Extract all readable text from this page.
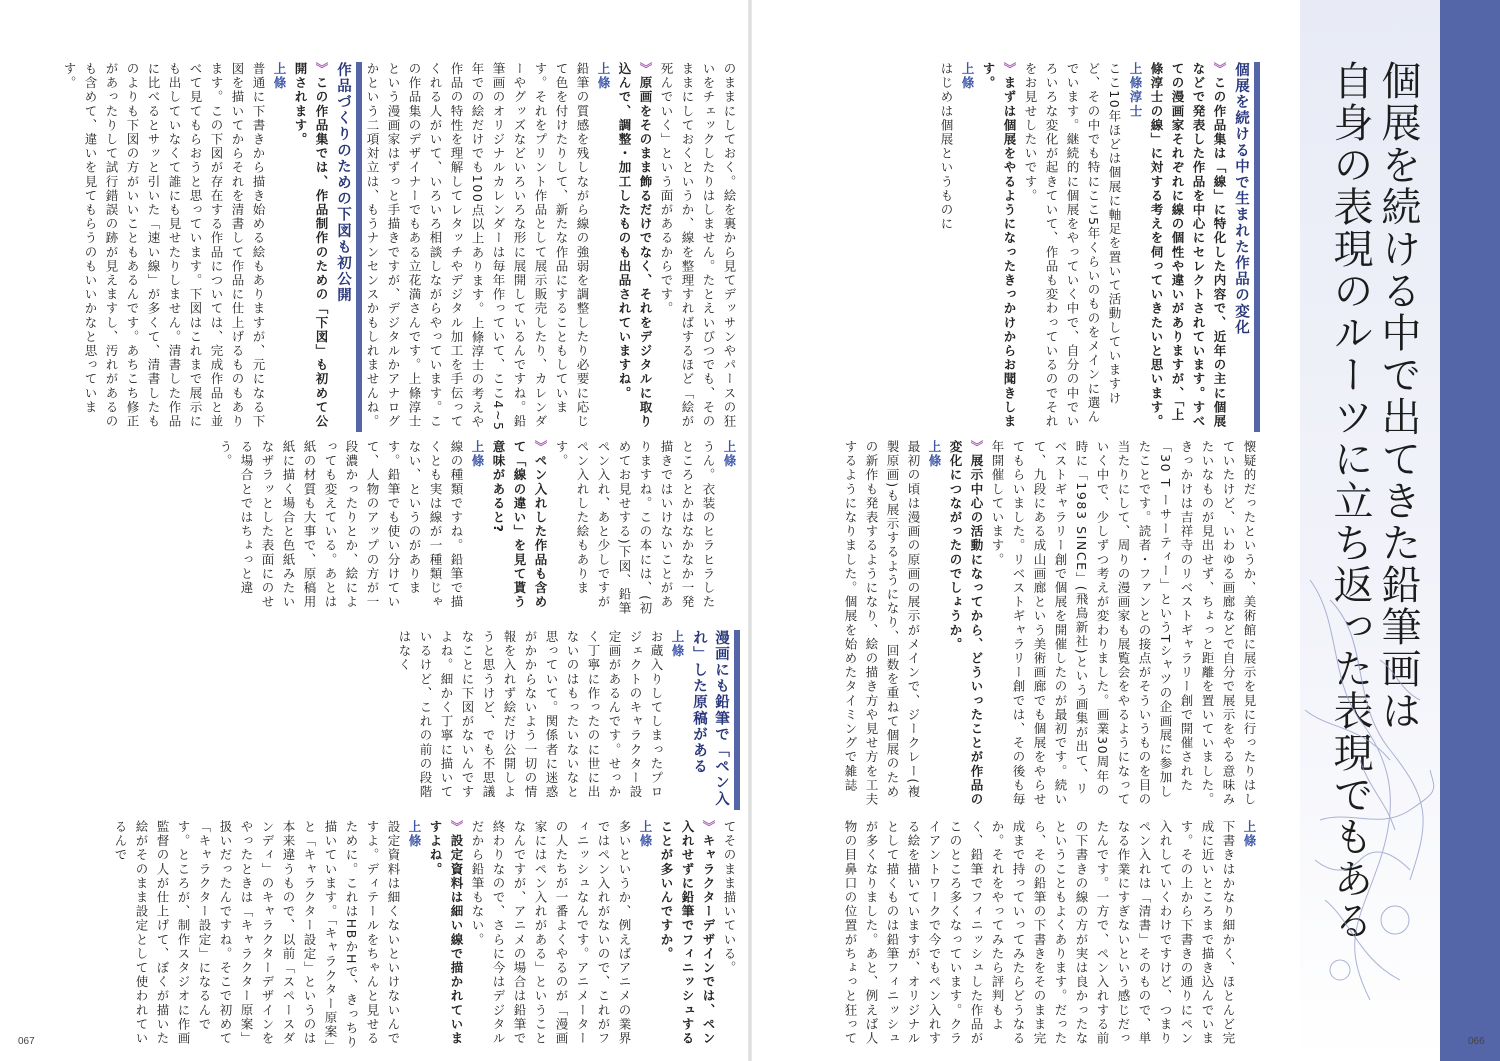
個展を続ける中で出てきた鉛筆画は
自身の表現のルーツに立ち返った表現でもある

個展を続ける中で生まれた作品の変化

》 この作品集は「線」に特化した内容で、近年の主に個展などで発表した作品を中心にセレクトされています。すべての漫画家それぞれに線の個性や違いがありますが、「上條淳士の線」に対する考えを伺っていきたいと思います。

上條淳士

ここ10年ほどは個展に軸足を置いて活動していますけど、その中でも特にここ5年くらいのものをメインに選んでいます。継続的に個展をやっていく中で、自分の中でいろいろな変化が起きていて、作品も変わっているのでそれをお見せしたいです。

》 まずは個展をやるようになったきっかけからお聞きします。

上條

はじめは個展というものに

懐疑的だったというか、美術館に展示を見に行ったりはしていたけど、いわゆる画廊などで自分で展示をやる意味みたいなものが見出せず、ちょっと距離を置いていました。きっかけは吉祥寺のリベストギャラリー創で開催された「30 T ーサーティー」というTシャツの企画展に参加したことです。読者・ファンとの接点がそういうものを目の当たりにして、周りの漫画家も展覧会をやるようになっていく中で、少しずつ考えが変わりました。画業30周年の時に「1983 SINCE」(飛鳥新社)という画集が出て、リベストギャラリー創で個展を開催したのが最初です。続いて、九段にある成山画廊という美術画廊でも個展をやらせてもらいました。リベストギャラリー創では、その後も毎年開催しています。

》 展示中心の活動になってから、どういったことが作品の変化につながったのでしょうか。

上條

最初の頃は漫画の原画の展示がメインで、ジークレー(複製原画)も展示するようになり、回数を重ねて個展のための新作も発表するようになり、絵の描き方や見せ方を工夫するようになりました。個展を始めたタイミングで雑誌

上條

下書きはかなり細かく、ほとんど完成に近いところまで描き込んでいます。その上から下書きの通りにペン入れしていくわけですけど、つまりペン入れは「清書」そのもので、単なる作業にすぎないという感じだったんです。一方で、ペン入れする前の下書きの線の方が実は良かったなということもよくあります。だったら、その鉛筆の下書きをそのまま完成まで持っていってみたらどうなるか。それをやってみたら評判もよく、鉛筆でフィニッシュした作品がこのところ多くなっています。クライアントワークで今でもペン入れする絵を描いていますが、オリジナルとして描くものは鉛筆フィニッシュが多くなりました。あと、例えば人物の目鼻口の位置がちょっと狂って

のままにしておく。絵を裏から見てデッサンやパースの狂いをチェックしたりはしません。たとえいびつでも、そのままにしておくというか、線を整理すればするほど「絵が死んでいく」という面があるからです。

》 原画をそのまま飾るだけでなく、それをデジタルに取り込んで、調整・加工したものも出品されていますね。

上條

鉛筆の質感を残しながら線の強弱を調整したり必要に応じて色を付けたりして、新たな作品にすることもしています。それをプリント作品として展示販売したり、カレンダーやグッズなどいろいろな形に展開しているんですね。鉛筆画のオリジナルカレンダーは毎年作っていて、ここ4~5年での絵だけでも100点以上あります。上條淳士の考えや作品の特性を理解してレタッチやデジタル加工を手伝ってくれる人がいて、いろいろ相談しながらやっています。この作品集のデザイナーでもある立花満さんです。上條淳士という漫画家はずっと手描きですが、デジタルかアナログかという二項対立は、もうナンセンスかもしれませんね。

作品づくりのための下図も初公開

》 この作品集では、作品制作のための「下図」も初めて公開されます。

上條

普通に下書きから描き始める絵もありますが、元になる下図を描いてからそれを清書して作品に仕上げるものもあります。この下図が存在する作品については、完成作品と並べて見てもらおうと思っています。下図はこれまで展示にも出していなくて誰にも見せたりしません。清書した作品に比べるとサッと引いた「速い線」が多くて、清書したものよりも下図の方がいいこともあるんです。あちこち修正があったりして試行錯誤の跡が見えますし、汚れがあるのも含めて、違いを見てもらうのもいいかなと思っています。

上條

うん。衣装のヒラヒラしたところとかはなかなか一発描きではいけないことがありますね。この本には、(初めてお見せする)下図、鉛筆ペン入れ、あと少しですがペン入れした絵もあります。

》 ペン入れした作品も含めて「線の違い」を見て貰う意味があると?

上條

線の種類ですね。鉛筆で描くとも実は線が一種類じゃない、というのがあります。鉛筆でも使い分けていて、人物のアップの方が一段濃かったりとか、絵によっても変えている。あとは紙の材質も大事で、原稿用紙に描く場合と色紙みたいなザラッとした表面にのせる場合とではちょっと違う。

漫画にも鉛筆で「ペン入れ」した原稿がある

上條

お蔵入りしてしまったプロジェクトのキャラクター設定画があるんです。せっかく丁寧に作ったのに世に出ないのはもったいないなと思っていて。関係者に迷惑がかからないよう一切の情報を入れず絵だけ公開しようと思うけど、でも不思議なことに下図がないんですよね。細かく丁寧に描いているけど、これの前の段階はなく

てそのまま描いている。

》 キャラクターデザインでは、ペン入れせずに鉛筆でフィニッシュすることが多いんですか。

上條

多いというか、例えばアニメの業界ではペン入れがないので、これがフィニッシュなんです。アニメーターの人たちが一番よくやるのが「漫画家にはペン入れがある」ということなんですが、アニメの場合は鉛筆で終わりなので、さらに今はデジタルだから鉛筆もない。

》 設定資料は細い線で描かれていますよね。

上條

設定資料は細くないといけないんですよ。ディテールをちゃんと見せるために。これはHBかHで、きっちり描いています。「キャラクター原案」と「キャラクター設定」というのは本来違うもので、以前「スペースダンディ」のキャラクターデザインをやったときは「キャラクター原案」扱いだったんですね。そこで初めて「キャラクター設定」になるんです。ところが、制作スタジオに作画監督の人が仕上げて、ぼくが描いた絵がそのまま設定として使われているんで

067	066
